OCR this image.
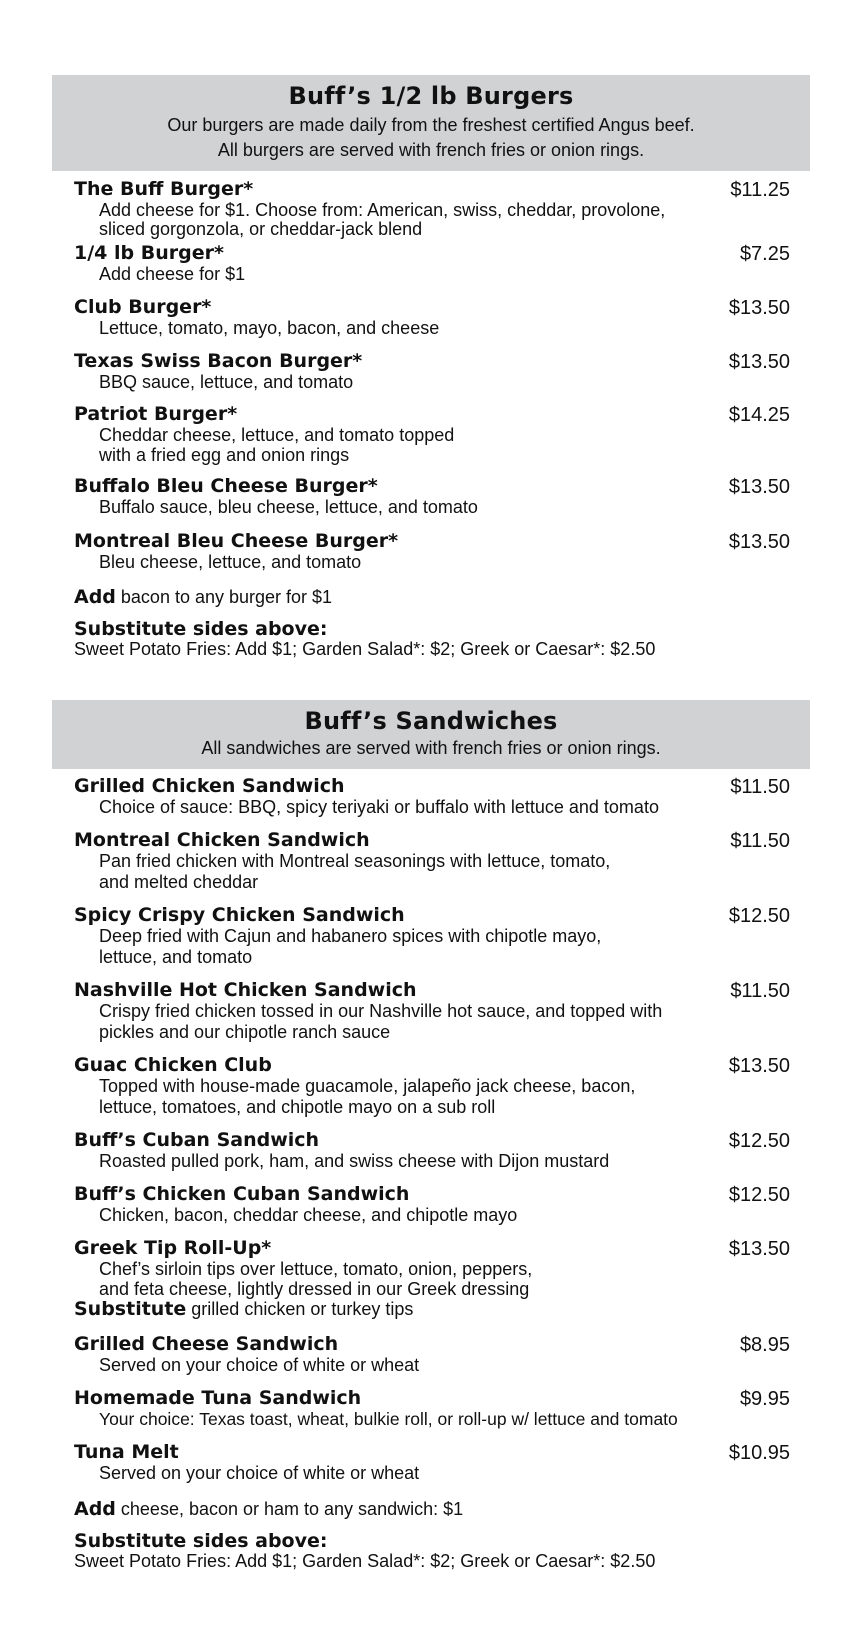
Buff’s 1/2 lb Burgers
Our burgers are made daily from the freshest certified Angus beef.
All burgers are served with french fries or onion rings.
The Buff Burger*	$11.25
Add cheese for $1. Choose from: American, swiss, cheddar, provolone,
sliced gorgonzola, or cheddar-jack blend
1/4 lb Burger*	$7.25
Add cheese for $1
Club Burger*	$13.50
Lettuce, tomato, mayo, bacon, and cheese
Texas Swiss Bacon Burger*	$13.50
BBQ sauce, lettuce, and tomato
Patriot Burger*	$14.25
Cheddar cheese, lettuce, and tomato topped
with a fried egg and onion rings
Buffalo Bleu Cheese Burger*	$13.50
Buffalo sauce, bleu cheese, lettuce, and tomato
Montreal Bleu Cheese Burger*	$13.50
Bleu cheese, lettuce, and tomato
Add bacon to any burger for $1
Substitute sides above:
Sweet Potato Fries: Add $1; Garden Salad*: $2; Greek or Caesar*: $2.50
Buff’s Sandwiches
All sandwiches are served with french fries or onion rings.
Grilled Chicken Sandwich	$11.50
Choice of sauce: BBQ, spicy teriyaki or buffalo with lettuce and tomato
Montreal Chicken Sandwich	$11.50
Pan fried chicken with Montreal seasonings with lettuce, tomato,
and melted cheddar
Spicy Crispy Chicken Sandwich	$12.50
Deep fried with Cajun and habanero spices with chipotle mayo,
lettuce, and tomato
Nashville Hot Chicken Sandwich	$11.50
Crispy fried chicken tossed in our Nashville hot sauce, and topped with
pickles and our chipotle ranch sauce
Guac Chicken Club	$13.50
Topped with house-made guacamole, jalapeño jack cheese, bacon,
lettuce, tomatoes, and chipotle mayo on a sub roll
Buff’s Cuban Sandwich	$12.50
Roasted pulled pork, ham, and swiss cheese with Dijon mustard
Buff’s Chicken Cuban Sandwich	$12.50
Chicken, bacon, cheddar cheese, and chipotle mayo
Greek Tip Roll-Up*	$13.50
Chef’s sirloin tips over lettuce, tomato, onion, peppers,
and feta cheese, lightly dressed in our Greek dressing
Substitute grilled chicken or turkey tips
Grilled Cheese Sandwich	$8.95
Served on your choice of white or wheat
Homemade Tuna Sandwich	$9.95
Your choice: Texas toast, wheat, bulkie roll, or roll-up w/ lettuce and tomato
Tuna Melt	$10.95
Served on your choice of white or wheat
Add cheese, bacon or ham to any sandwich: $1
Substitute sides above:
Sweet Potato Fries: Add $1; Garden Salad*: $2; Greek or Caesar*: $2.50
